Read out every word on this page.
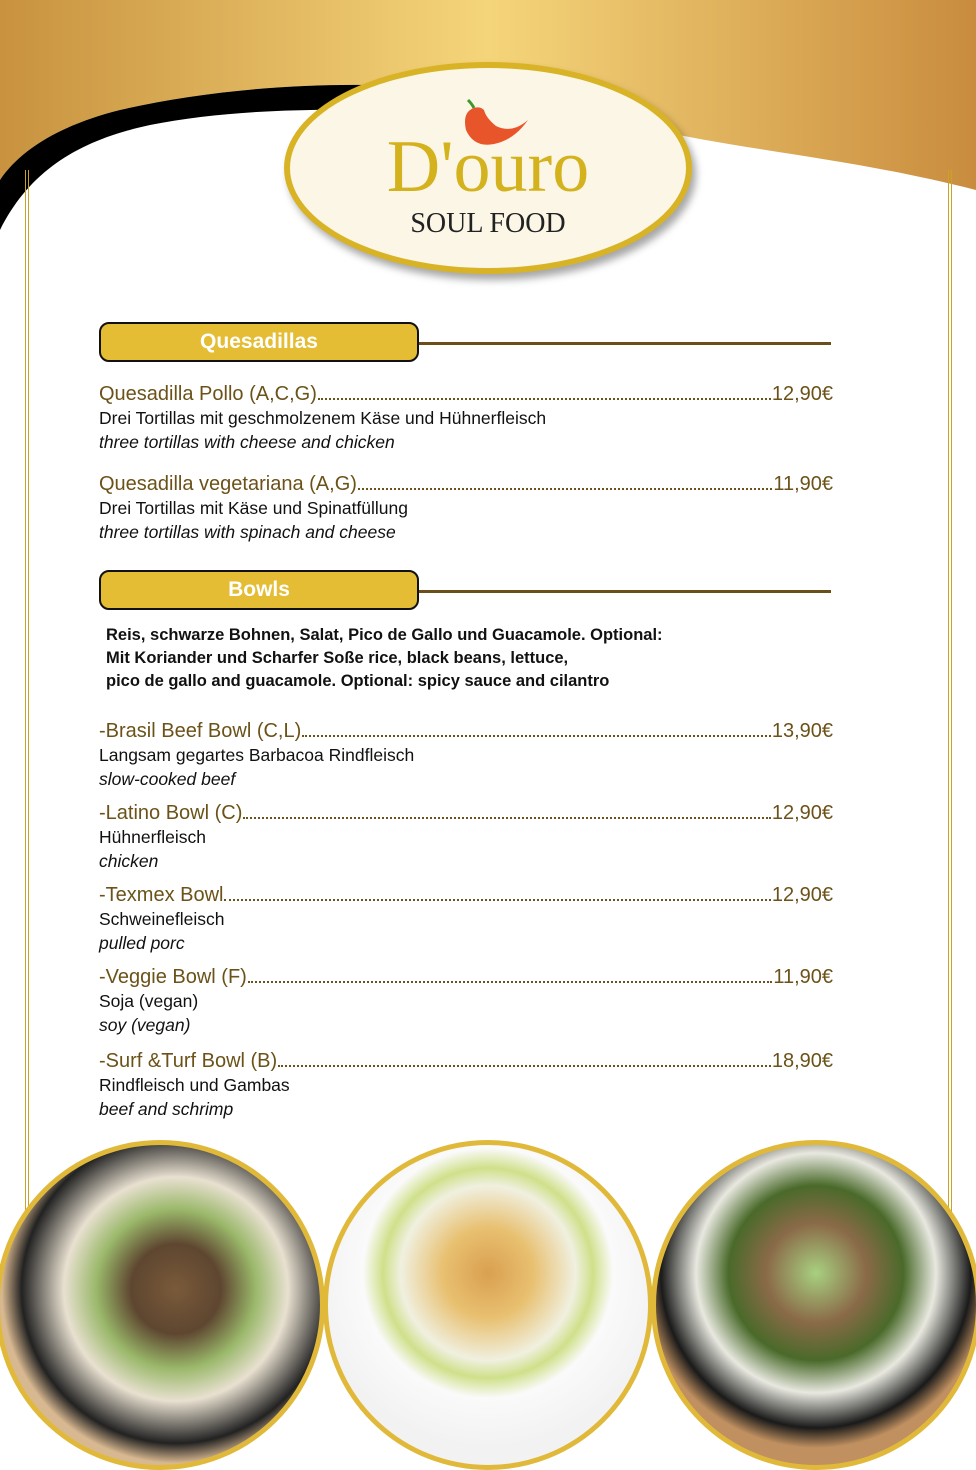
D'ouro
SOUL FOOD
Quesadillas
Quesadilla Pollo (A,C,G)	12,90€
Drei Tortillas mit geschmolzenem Käse und Hühnerfleisch
three tortillas with cheese and chicken
Quesadilla vegetariana (A,G)	11,90€
Drei Tortillas mit Käse und Spinatfüllung
three tortillas with spinach and cheese
Bowls
Reis, schwarze Bohnen, Salat, Pico de Gallo und Guacamole. Optional:
Mit Koriander und Scharfer Soße rice, black beans, lettuce,
pico de gallo and guacamole. Optional: spicy sauce and cilantro
-Brasil Beef Bowl (C,L)	13,90€
Langsam gegartes Barbacoa Rindfleisch
slow-cooked beef
-Latino Bowl (C)	12,90€
Hühnerfleisch
chicken
-Texmex Bowl	12,90€
Schweinefleisch
pulled porc
-Veggie Bowl (F)	11,90€
Soja (vegan)
soy (vegan)
-Surf &Turf Bowl (B)	18,90€
Rindfleisch und Gambas
beef and schrimp
